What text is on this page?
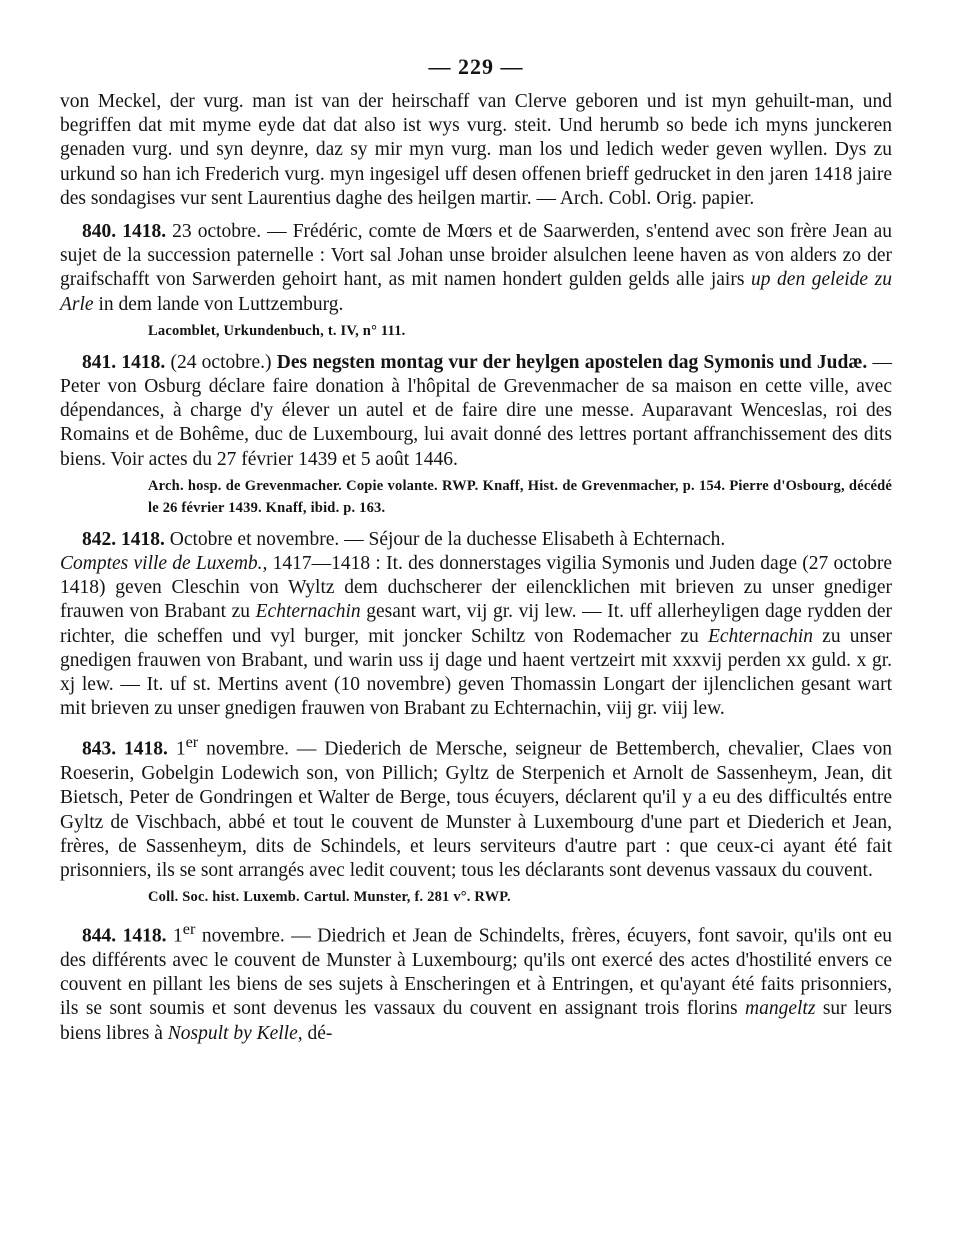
— 229 —

von Meckel, der vurg. man ist van der heirschaff van Clerve geboren und ist myn gehuilt-man, und begriffen dat mit myme eyde dat dat also ist wys vurg. steit. Und herumb so bede ich myns junckeren genaden vurg. und syn deynre, daz sy mir myn vurg. man los und ledich weder geven wyllen. Dys zu urkund so han ich Frederich vurg. myn ingesigel uff desen offenen brieff gedrucket in den jaren 1418 jaire des sondagises vur sent Laurentius daghe des heilgen martir. — Arch. Cobl. Orig. papier.

840. 1418. 23 octobre. — Frédéric, comte de Mœrs et de Saarwerden, s'entend avec son frère Jean au sujet de la succession paternelle : Vort sal Johan unse broider alsulchen leene haven as von alders zo der graifschafft von Sarwerden gehoirt hant, as mit namen hondert gulden gelds alle jairs up den geleide zu Arle in dem lande von Luttzemburg.

Lacomblet, Urkundenbuch, t. IV, n° 111.

841. 1418. (24 octobre.) Des negsten montag vur der heylgen apostelen dag Symonis und Judæ. — Peter von Osburg déclare faire donation à l'hôpital de Grevenmacher de sa maison en cette ville, avec dépendances, à charge d'y élever un autel et de faire dire une messe. Auparavant Wenceslas, roi des Romains et de Bohême, duc de Luxembourg, lui avait donné des lettres portant affranchissement des dits biens. Voir actes du 27 février 1439 et 5 août 1446.

Arch. hosp. de Grevenmacher. Copie volante. RWP. Knaff, Hist. de Grevenmacher, p. 154. Pierre d'Osbourg, décédé le 26 février 1439. Knaff, ibid. p. 163.

842. 1418. Octobre et novembre. — Séjour de la duchesse Elisabeth à Echternach.

Comptes ville de Luxemb., 1417—1418 : It. des donnerstages vigilia Symonis und Juden dage (27 octobre 1418) geven Cleschin von Wyltz dem duchscherer der eilencklichen mit brieven zu unser gnediger frauwen von Brabant zu Echternachin gesant wart, vij gr. vij lew. — It. uff allerheyligen dage rydden der richter, die scheffen und vyl burger, mit joncker Schiltz von Rodemacher zu Echternachin zu unser gnedigen frauwen von Brabant, und warin uss ij dage und haent vertzeirt mit xxxvij perden xx guld. x gr. xj lew. — It. uf st. Mertins avent (10 novembre) geven Thomassin Longart der ijlenclichen gesant wart mit brieven zu unser gnedigen frauwen von Brabant zu Echternachin, viij gr. viij lew.

843. 1418. 1er novembre. — Diederich de Mersche, seigneur de Bettemberch, chevalier, Claes von Roeserin, Gobelgin Lodewich son, von Pillich; Gyltz de Sterpenich et Arnolt de Sassenheym, Jean, dit Bietsch, Peter de Gondringen et Walter de Berge, tous écuyers, déclarent qu'il y a eu des difficultés entre Gyltz de Vischbach, abbé et tout le couvent de Munster à Luxembourg d'une part et Diederich et Jean, frères, de Sassenheym, dits de Schindels, et leurs serviteurs d'autre part : que ceux-ci ayant été fait prisonniers, ils se sont arrangés avec ledit couvent; tous les déclarants sont devenus vassaux du couvent.

Coll. Soc. hist. Luxemb. Cartul. Munster, f. 281 v°. RWP.

844. 1418. 1er novembre. — Diedrich et Jean de Schindelts, frères, écuyers, font savoir, qu'ils ont eu des différents avec le couvent de Munster à Luxembourg; qu'ils ont exercé des actes d'hostilité envers ce couvent en pillant les biens de ses sujets à Enscheringen et à Entringen, et qu'ayant été faits prisonniers, ils se sont soumis et sont devenus les vassaux du couvent en assignant trois florins mangeltz sur leurs biens libres à Nospult by Kelle, dé-
